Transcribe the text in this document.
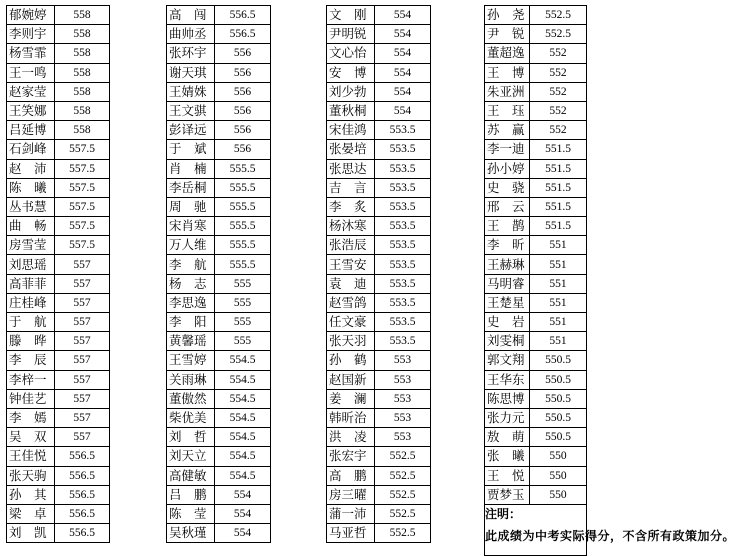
郁婉婷	558
李则宇	558
杨雪霏	558
王一鸣	558
赵家莹	558
王笑娜	558
吕延博	558
石剑峰	557.5
赵　沛	557.5
陈　曦	557.5
丛书慧	557.5
曲　畅	557.5
房雪莹	557.5
刘思瑶	557
高菲菲	557
庄桂峰	557
于　航	557
滕　晔	557
李　辰	557
李梓一	557
钟佳艺	557
李　嫣	557
吴　双	557
王佳悦	556.5
张天驹	556.5
孙　其	556.5
梁　卓	556.5
刘　凯	556.5
高　闯	556.5
曲帅丞	556.5
张环宇	556
谢天琪	556
王婧姝	556
王文骐	556
彭译远	556
于　斌	556
肖　楠	555.5
李岳桐	555.5
周　驰	555.5
宋肖寒	555.5
万人维	555.5
李　航	555.5
杨　志	555
李思逸	555
李　阳	555
黄馨瑶	555
王雪婷	554.5
关雨琳	554.5
董傲然	554.5
柴优美	554.5
刘　哲	554.5
刘天立	554.5
高健敏	554.5
吕　鹏	554
陈　莹	554
吴秋瑾	554
文　刚	554
尹明锐	554
文心怡	554
安　博	554
刘少勃	554
董秋桐	554
宋佳鸿	553.5
张晏培	553.5
张思达	553.5
吉　言	553.5
李　炙	553.5
杨沐寒	553.5
张浩辰	553.5
王雪安	553.5
袁　迪	553.5
赵雪鸽	553.5
任文豪	553.5
张天羽	553.5
孙　鹤	553
赵国新	553
姜　澜	553
韩昕治	553
洪　凌	553
张宏宇	552.5
高　鹏	552.5
房三曜	552.5
蒲一沛	552.5
马亚哲	552.5
孙　尧	552.5
尹　锐	552.5
董超逸	552
王　博	552
朱亚洲	552
王　珏	552
苏　赢	552
李一迪	551.5
孙小婷	551.5
史　骁	551.5
邢　云	551.5
王　鹊	551.5
李　昕	551
王赫琳	551
马明睿	551
王楚星	551
史　岩	551
刘雯桐	551
郭文翔	550.5
王华东	550.5
陈思博	550.5
张力元	550.5
敖　萌	550.5
张　曦	550
王　悦	550
贾梦玉	550

注明：
此成绩为中考实际得分，不含所有政策加分。	
